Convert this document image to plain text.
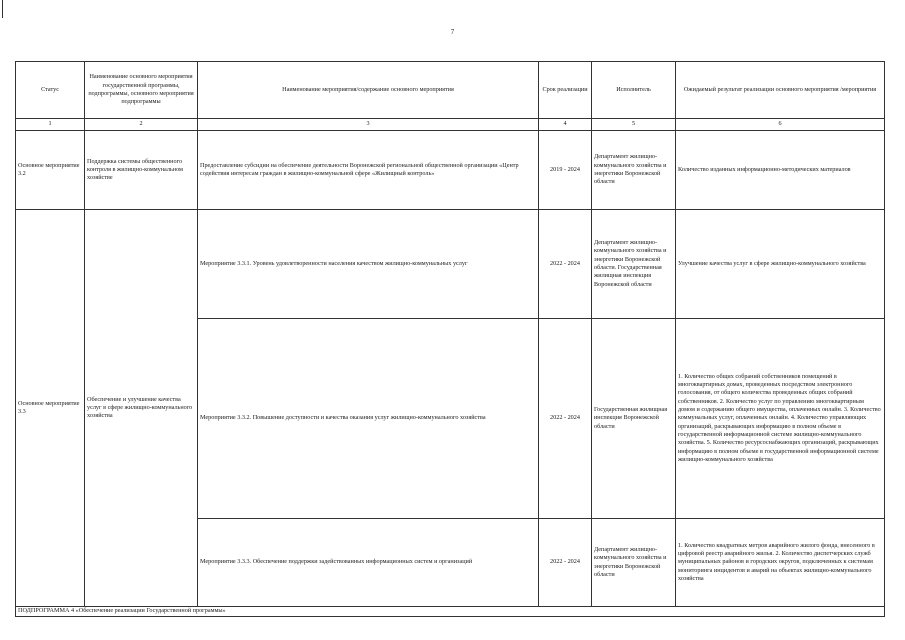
7
Статус	Наименование основного мероприятия государственной программы, подпрограммы, основного мероприятия подпрограммы	Наименование мероприятия/содержание основного мероприятия	Срок реализации	Исполнитель	Ожидаемый результат реализации основного мероприятия /мероприятия
1	2	3	4	5	6
Основное мероприятие 3.2	Поддержка системы общественного контроля в жилищно-коммунальном хозяйстве	Предоставление субсидии на обеспечение деятельности Воронежской региональной общественной организации «Центр содействия интересам граждан в жилищно-коммунальной сфере «Жилищный контроль»	2019 - 2024	Департамент жилищно-коммунального хозяйства и энергетики Воронежской области	Количество изданных информационно-методических материалов
Основное мероприятие 3.3	Обеспечение и улучшение качества услуг в сфере жилищно-коммунального хозяйства	Мероприятие 3.3.1. Уровень удовлетворенности населения качеством жилищно-коммунальных услуг	2022 - 2024	Департамент жилищно-коммунального хозяйства и энергетики Воронежской области. Государственная жилищная инспекция Воронежской области	Улучшение качества услуг в сфере жилищно-коммунального хозяйства
		Мероприятие 3.3.2. Повышение доступности и качества оказания услуг жилищно-коммунального хозяйства	2022 - 2024	Государственная жилищная инспекция Воронежской области	1. Количество общих собраний собственников помещений в многоквартирных домах, проведенных посредством электронного голосования, от общего количества проведенных общих собраний собственников. 2. Количество услуг по управлению многоквартирным домом и содержанию общего имущества, оплаченных онлайн. 3. Количество коммунальных услуг, оплаченных онлайн. 4. Количество управляющих организаций, раскрывающих информацию в полном объеме в государственной информационной системе жилищно-коммунального хозяйства. 5. Количество ресурсоснабжающих организаций, раскрывающих информацию в полном объеме в государственной информационной системе жилищно-коммунального хозяйства
		Мероприятие 3.3.3. Обеспечение поддержки задействованных информационных систем и организаций	2022 - 2024	Департамент жилищно-коммунального хозяйства и энергетики Воронежской области	1. Количество квадратных метров аварийного жилого фонда, внесенного в цифровой реестр аварийного жилья. 2. Количество диспетчерских служб муниципальных районов и городских округов, подключенных к системам мониторинга инцидентов и аварий на объектах жилищно-коммунального хозяйства
ПОДПРОГРАММА 4 «Обеспечение реализации Государственной программы»					
